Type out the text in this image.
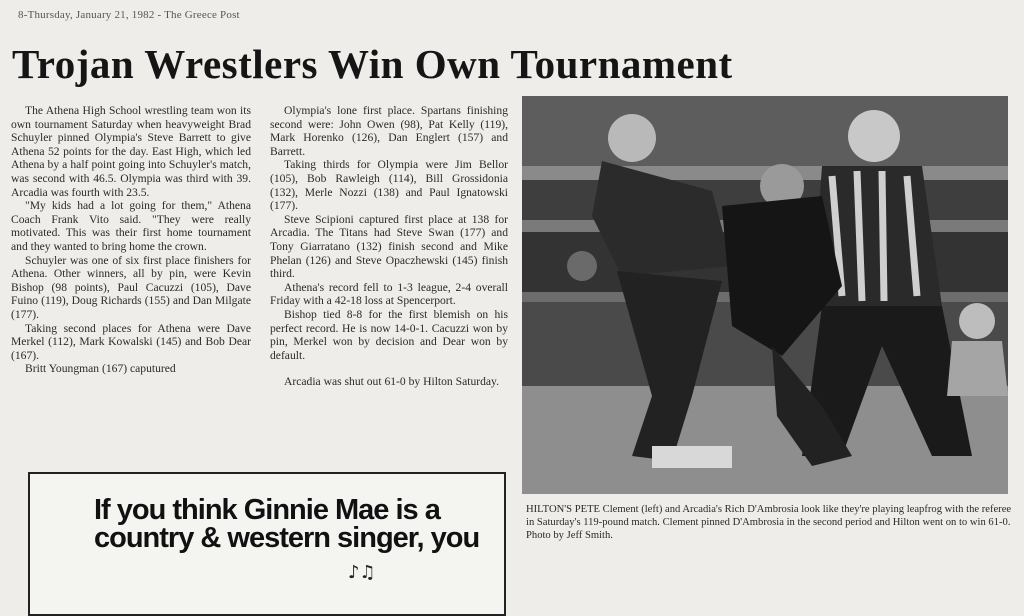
8-Thursday, January 21, 1982 - The Greece Post
Trojan Wrestlers Win Own Tournament

The Athena High School wrestling team won its own tournament Saturday when heavyweight Brad Schuyler pinned Olympia's Steve Barrett to give Athena 52 points for the day. East High, which led Athena by a half point going into Schuyler's match, was second with 46.5. Olympia was third with 39. Arcadia was fourth with 23.5.

"My kids had a lot going for them," Athena Coach Frank Vito said. "They were really motivated. This was their first home tournament and they wanted to bring home the crown.

Schuyler was one of six first place finishers for Athena. Other winners, all by pin, were Kevin Bishop (98 points), Paul Cacuzzi (105), Dave Fuino (119), Doug Richards (155) and Dan Milgate (177).

Taking second places for Athena were Dave Merkel (112), Mark Kowalski (145) and Bob Dear (167).

Britt Youngman (167) caputured

Olympia's lone first place. Spartans finishing second were: John Owen (98), Pat Kelly (119), Mark Horenko (126), Dan Englert (157) and Barrett.

Taking thirds for Olympia were Jim Bellor (105), Bob Rawleigh (114), Bill Grossidonia (132), Merle Nozzi (138) and Paul Ignatowski (177).

Steve Scipioni captured first place at 138 for Arcadia. The Titans had Steve Swan (177) and Tony Giarratano (132) finish second and Mike Phelan (126) and Steve Opaczhewski (145) finish third.

Athena's record fell to 1-3 league, 2-4 overall Friday with a 42-18 loss at Spencerport.

Bishop tied 8-8 for the first blemish on his perfect record. He is now 14-0-1. Cacuzzi won by pin, Merkel won by decision and Dear won by default.

Arcadia was shut out 61-0 by Hilton Saturday.

HILTON'S PETE Clement (left) and Arcadia's Rich D'Ambrosia look like they're playing leapfrog with the referee in Saturday's 119-pound match. Clement pinned D'Ambrosia in the second period and Hilton went on to win 61-0. Photo by Jeff Smith.

If you think Ginnie Mae is a country & western singer, you

♪♫
